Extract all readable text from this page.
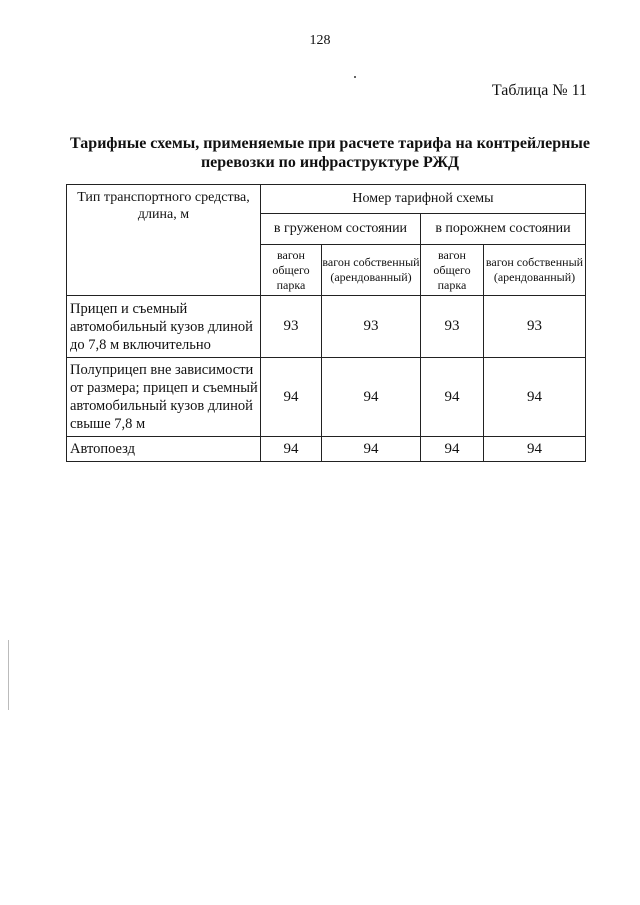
128
Таблица № 11
Тарифные схемы, применяемые при расчете тарифа на контрейлерные перевозки по инфраструктуре РЖД
Тип транспортного средства, длина, м	Номер тарифной схемы			
	в груженом состоянии		в порожнем состоянии	
	вагон общего парка	вагон собственный (арендованный)	вагон общего парка	вагон собственный (арендованный)
Прицеп и съемный автомобильный кузов длиной до 7,8 м включительно	93	93	93	93
Полуприцеп вне зависимости от размера; прицеп и съемный автомобильный кузов длиной свыше 7,8 м	94	94	94	94
Автопоезд	94	94	94	94
